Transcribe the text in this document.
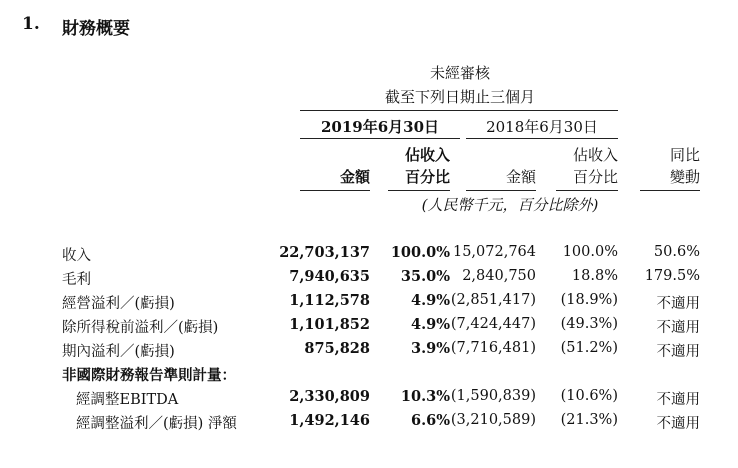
1. 財務概要
未經審核
截至下列日期止三個月
2019年6月30日	2018年6月30日
佔收入	佔收入	同比
金額	百分比	金額	百分比	變動
(人民幣千元，百分比除外)
收入	22,703,137	100.0% 15,072,764	100.0%	50.6%
毛利	7,940,635	35.0% 2,840,750	18.8%	179.5%
經營溢利／(虧損)	1,112,578	4.9% (2,851,417)	(18.9%)	不適用
除所得稅前溢利／(虧損)	1,101,852	4.9% (7,424,447)	(49.3%)	不適用
期內溢利／(虧損)	875,828	3.9% (7,716,481)	(51.2%)	不適用
非國際財務報告準則計量：
經調整EBITDA	2,330,809	10.3% (1,590,839)	(10.6%)	不適用
經調整溢利／(虧損) 淨額	1,492,146	6.6% (3,210,589)	(21.3%)	不適用
